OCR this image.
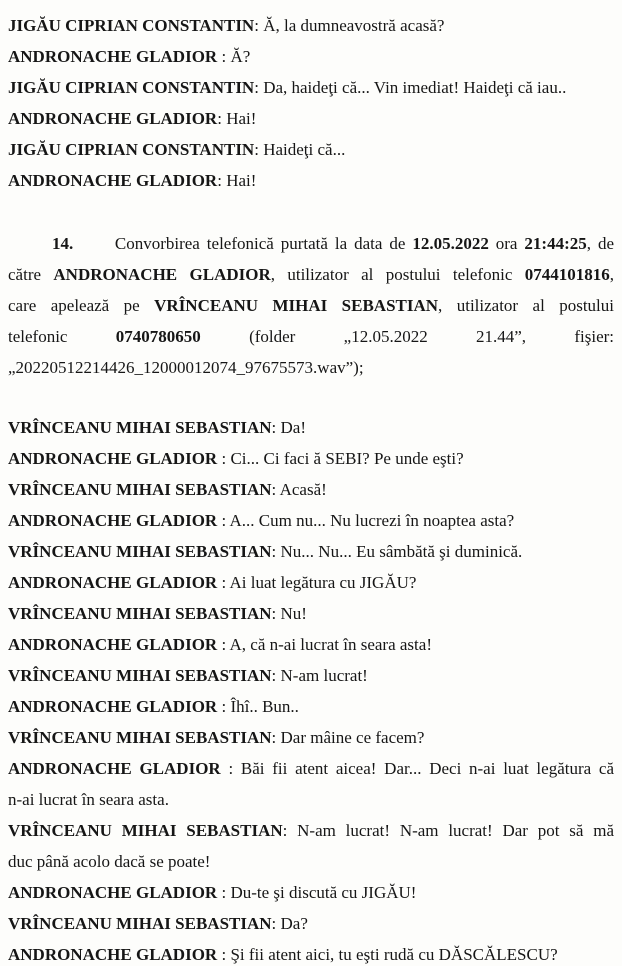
JIGĂU CIPRIAN CONSTANTIN: Ă, la dumneavostră acasă?

ANDRONACHE GLADIOR : Ă?

JIGĂU CIPRIAN CONSTANTIN: Da, haideţi că... Vin imediat! Haideţi că iau..

ANDRONACHE GLADIOR: Hai!

JIGĂU CIPRIAN CONSTANTIN: Haideţi că...

ANDRONACHE GLADIOR: Hai!

14.      Convorbirea telefonică purtată la data de 12.05.2022 ora 21:44:25, de
către ANDRONACHE GLADIOR, utilizator al postului telefonic 0744101816,
care apelează pe VRÎNCEANU MIHAI SEBASTIAN, utilizator al postului
telefonic 0740780650 (folder „12.05.2022 21.44”, fişier:
„20220512214426_12000012074_97675573.wav”);

VRÎNCEANU MIHAI SEBASTIAN: Da!

ANDRONACHE GLADIOR : Ci... Ci faci ă SEBI? Pe unde eşti?

VRÎNCEANU MIHAI SEBASTIAN: Acasă!

ANDRONACHE GLADIOR : A... Cum nu... Nu lucrezi în noaptea asta?

VRÎNCEANU MIHAI SEBASTIAN: Nu... Nu... Eu sâmbătă şi duminică.

ANDRONACHE GLADIOR : Ai luat legătura cu JIGĂU?

VRÎNCEANU MIHAI SEBASTIAN: Nu!

ANDRONACHE GLADIOR : A, că n-ai lucrat în seara asta!

VRÎNCEANU MIHAI SEBASTIAN: N-am lucrat!

ANDRONACHE GLADIOR : Îhî.. Bun..

VRÎNCEANU MIHAI SEBASTIAN: Dar mâine ce facem?

ANDRONACHE GLADIOR : Băi fii atent aicea! Dar... Deci n-ai luat legătura că
n-ai lucrat în seara asta.

VRÎNCEANU MIHAI SEBASTIAN: N-am lucrat! N-am lucrat! Dar pot să mă
duc până acolo dacă se poate!

ANDRONACHE GLADIOR : Du-te şi discută cu JIGĂU!

VRÎNCEANU MIHAI SEBASTIAN: Da?

ANDRONACHE GLADIOR : Şi fii atent aici, tu eşti rudă cu DĂSCĂLESCU?
